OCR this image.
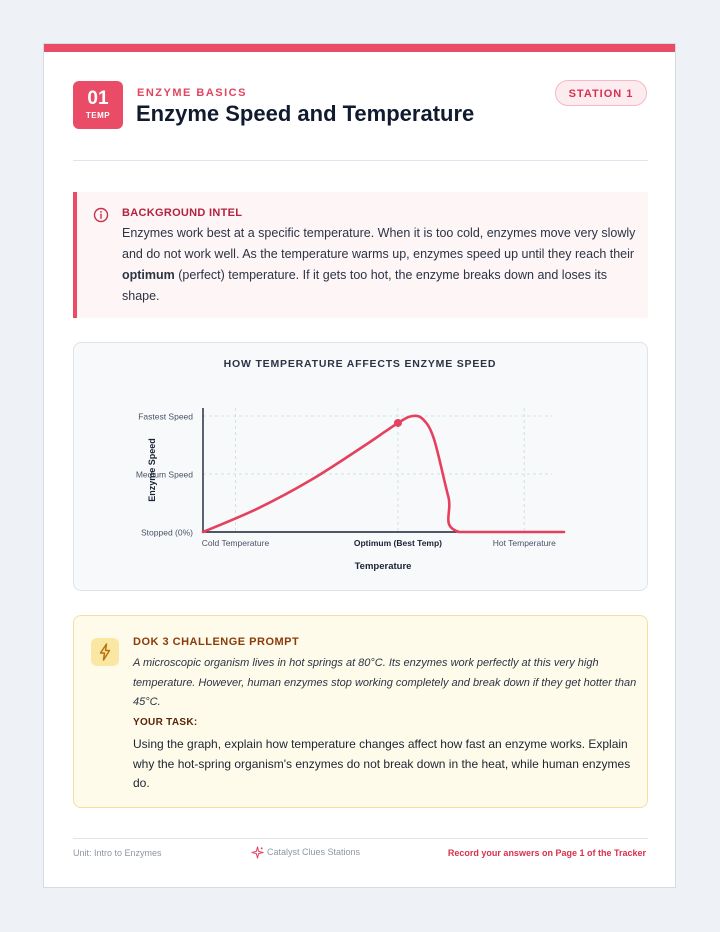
01
TEMP
ENZYME BASICS
Enzyme Speed and Temperature
STATION 1
BACKGROUND INTEL
Enzymes work best at a specific temperature. When it is too cold, enzymes move very slowly and do not work well. As the temperature warms up, enzymes speed up until they reach their optimum (perfect) temperature. If it gets too hot, the enzyme breaks down and loses its shape.
HOW TEMPERATURE AFFECTS ENZYME SPEED
Stopped (0%)
Medium Speed
Fastest Speed
Cold Temperature	Optimum (Best Temp)	Hot Temperature
Enzyme Speed
Temperature
DOK 3 CHALLENGE PROMPT
A microscopic organism lives in hot springs at 80°C. Its enzymes work perfectly at this very high temperature. However, human enzymes stop working completely and break down if they get hotter than 45°C.
YOUR TASK:
Using the graph, explain how temperature changes affect how fast an enzyme works. Explain why the hot-spring organism's enzymes do not break down in the heat, while human enzymes do.
Unit: Intro to Enzymes	Catalyst Clues Stations	Record your answers on Page 1 of the Tracker
